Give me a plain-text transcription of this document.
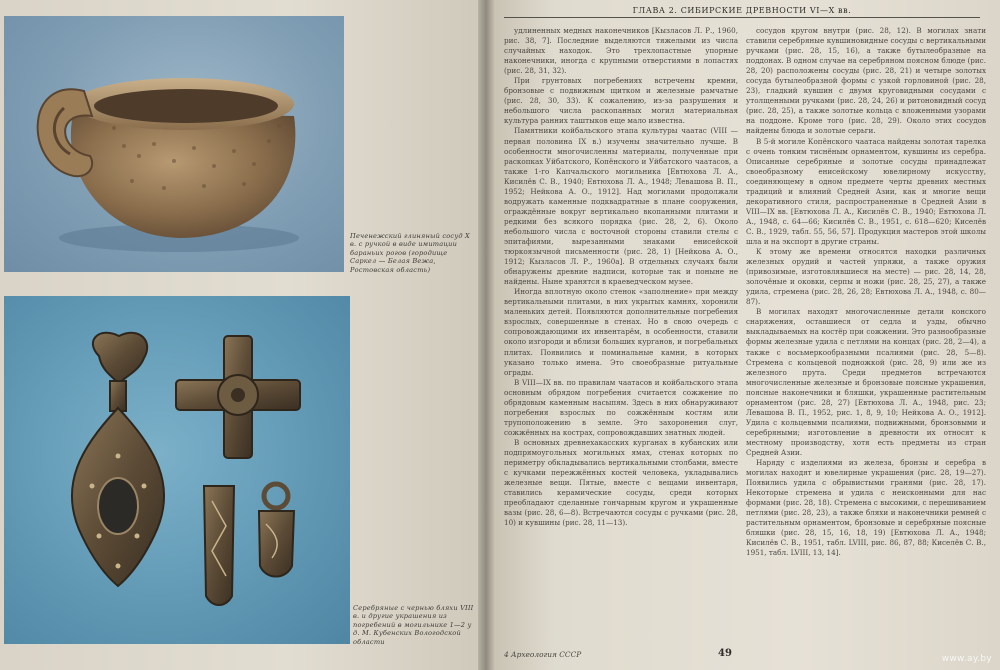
Печенежский глиняный сосуд X в. с ручкой в виде имитации бараньих рогов (городище Саркел — Белая Вежа, Ростовская область)
Серебряные с чернью бляхи VIII в. и другие украшения из погребений в могильнике 1—2 у д. М. Кубенских Вологодской области
ГЛАВА 2. СИБИРСКИЕ ДРЕВНОСТИ VI—X вв.

удлиненных медных наконечников [Кызласов Л. Р., 1960, рис. 38, 7]. Последние выделяются тяжелыми из числа случайных находок. Это трехлопастные упорные наконечники, иногда с крупными отверстиями в лопастях (рис. 28, 31, 32).

При грунтовых погребениях встречены кремни, бронзовые с подвижным щитком и железные рамчатые (рис. 28, 30, 33). К сожалению, из-за разрушения и небольшого числа раскопанных могил материальная культура ранних таштыков еще мало известна.

Памятники койбальского этапа культуры чаатас (VIII — первая половина IX в.) изучены значительно лучше. В особенности многочисленны материалы, полученные при раскопках Уйбатского, Копёнского и Уйбатского чаатасов, а также 1-го Капчальского могильника [Евтюхова Л. А., Кисилёв С. В., 1940; Евтюхова Л. А., 1948; Левашова В. П., 1952; Нейкова А. О., 1912]. Над могилами продолжали водружать каменные подквадратные в плане сооружения, ограждённые вокруг вертикально вкопанными плитами и редкими без всякого порядка (рис. 28, 2, 6). Около небольшого числа с восточной стороны ставили стелы с эпитафиями, вырезанными знаками енисейской тюркоязычной письменности (рис. 28, 1) [Нейкова А. О., 1912; Кызласов Л. Р., 1960а]. В отдельных случаях были обнаружены древние надписи, которые так и поныне не найдены. Ныне хранятся в краеведческом музее.

Иногда вплотную около стенок «заполнение» при между вертикальными плитами, в них укрытых камнях, хоронили маленьких детей. Появляются дополнительные погребения взрослых, совершенные в стенах. Но в свою очередь с сопровождающими их инвентарём, в особенности, ставили около изгороди и вблизи больших курганов, и погребальных плитах. Появились и поминальные камни, в которых указано только имена. Это своеобразные ритуальные ограды.

В VIII—IX вв. по правилам чаатасов и койбальского этапа основным обрядом погребения считается сожжение по обрядовым каменным насыпям. Здесь в них обнаруживают погребения взрослых по сожжённым костям или трупоположению в земле. Это захоронения слуг, сожжённых на кострах, сопровождавших знатных людей.

В основных древнехакасских курганах в кубанских или подпрямоугольных могильных ямах, стенах которых по периметру обкладывались вертикальными столбами, вместе с кучками пережжённых костей человека, укладывались железные вещи. Пятые, вместе с вещами инвентаря, ставились керамические сосуды, среди которых преобладают сделанные гончарным кругом и украшенные вазы (рис. 28, 6—8). Встречаются сосуды с ручками (рис. 28, 10) и кувшины (рис. 28, 11—13).

сосудов кругом внутри (рис. 28, 12). В могилах знати ставили серебряные кувшиновидные сосуды с вертикальными ручками (рис. 28, 15, 16), а также бутылеобразные на поддонах. В одном случае на серебряном поясном блюде (рис. 28, 20) расположены сосуды (рис. 28, 21) и четыре золотых сосуда бутылеобразной формы с узкой горловиной (рис. 28, 23), гладкий кувшин с двумя круговидными сосудами с утолщенными ручками (рис. 28, 24, 26) и ритоновидный сосуд (рис. 28, 25), а также золотые кольца с вложенными узорами на поддоне. Кроме того (рис. 28, 29). Около этих сосудов найдены блюда и золотые серьги.

В 5-й могиле Копёнского чаатаса найдены золотая тарелка с очень тонким тиснёным орнаментом, кувшины из серебра. Описанные серебряные и золотые сосуды принадлежат своеобразному енисейскому ювелирному искусству, соединяющему в одном предмете черты древних местных традиций и влияний Средней Азии, как и многие вещи декоративного стиля, распространенные в Средней Азии в VIII—IX вв. [Евтюхова Л. А., Кисилёв С. В., 1940; Евтюхова Л. А., 1948, с. 64—66; Кисилёв С. В., 1951, с. 618—620; Киселёв С. В., 1929, табл. 55, 56, 57]. Продукция мастеров этой школы шла и на экспорт в другие страны.

К этому же времени относятся находки различных железных орудий и частей упряжи, а также оружия (привозимые, изготовлявшиеся на месте) — рис. 28, 14, 28, золочёные и оковки, серпы и ножи (рис. 28, 25, 27), а также удила, стремена (рис. 28, 26, 28; Евтюхова Л. А., 1948, с. 80—87).

В могилах находят многочисленные детали конского снаряжения, оставшиеся от седла и узды, обычно выкладываемых на костёр при сожжении. Это разнообразные формы железные удила с петлями на концах (рис. 28, 2—4), а также с восьмеркообразными псалиями (рис. 28, 5—8). Стремена с кольцевой подножкой (рис. 28, 9) или же из железного прута. Среди предметов встречаются многочисленные железные и бронзовые поясные украшения, поясные наконечники и бляшки, украшенные растительным орнаментом (рис. 28, 27) [Евтюхова Л. А., 1948, рис. 23; Левашова В. П., 1952, рис. 1, 8, 9, 10; Нейкова А. О., 1912]. Удила с кольцевыми псалиями, подвижными, бронзовыми и серебряными; изготовление в древности их относят к местному производству, хотя есть предметы из стран Средней Азии.

Наряду с изделиями из железа, бронзы и серебра в могилах находят и ювелирные украшения (рис. 28, 19—27). Появились удила с обрывистыми гранями (рис. 28, 17). Некоторые стремена и удила с неисконными для нас формами (рис. 28, 18). Стремена с высокими, с перешиванием петлями (рис. 28, 23), а также бляхи и наконечники ремней с растительным орнаментом, бронзовые и серебряные поясные бляшки (рис. 28, 15, 16, 18, 19) [Евтюхова Л. А., 1948; Кисилёв С. В., 1951, табл. LVIII, рис. 86, 87, 88; Киселёв С. В., 1951, табл. LVIII, 13, 14].

4 Археология СССР	49	www.ay.by
